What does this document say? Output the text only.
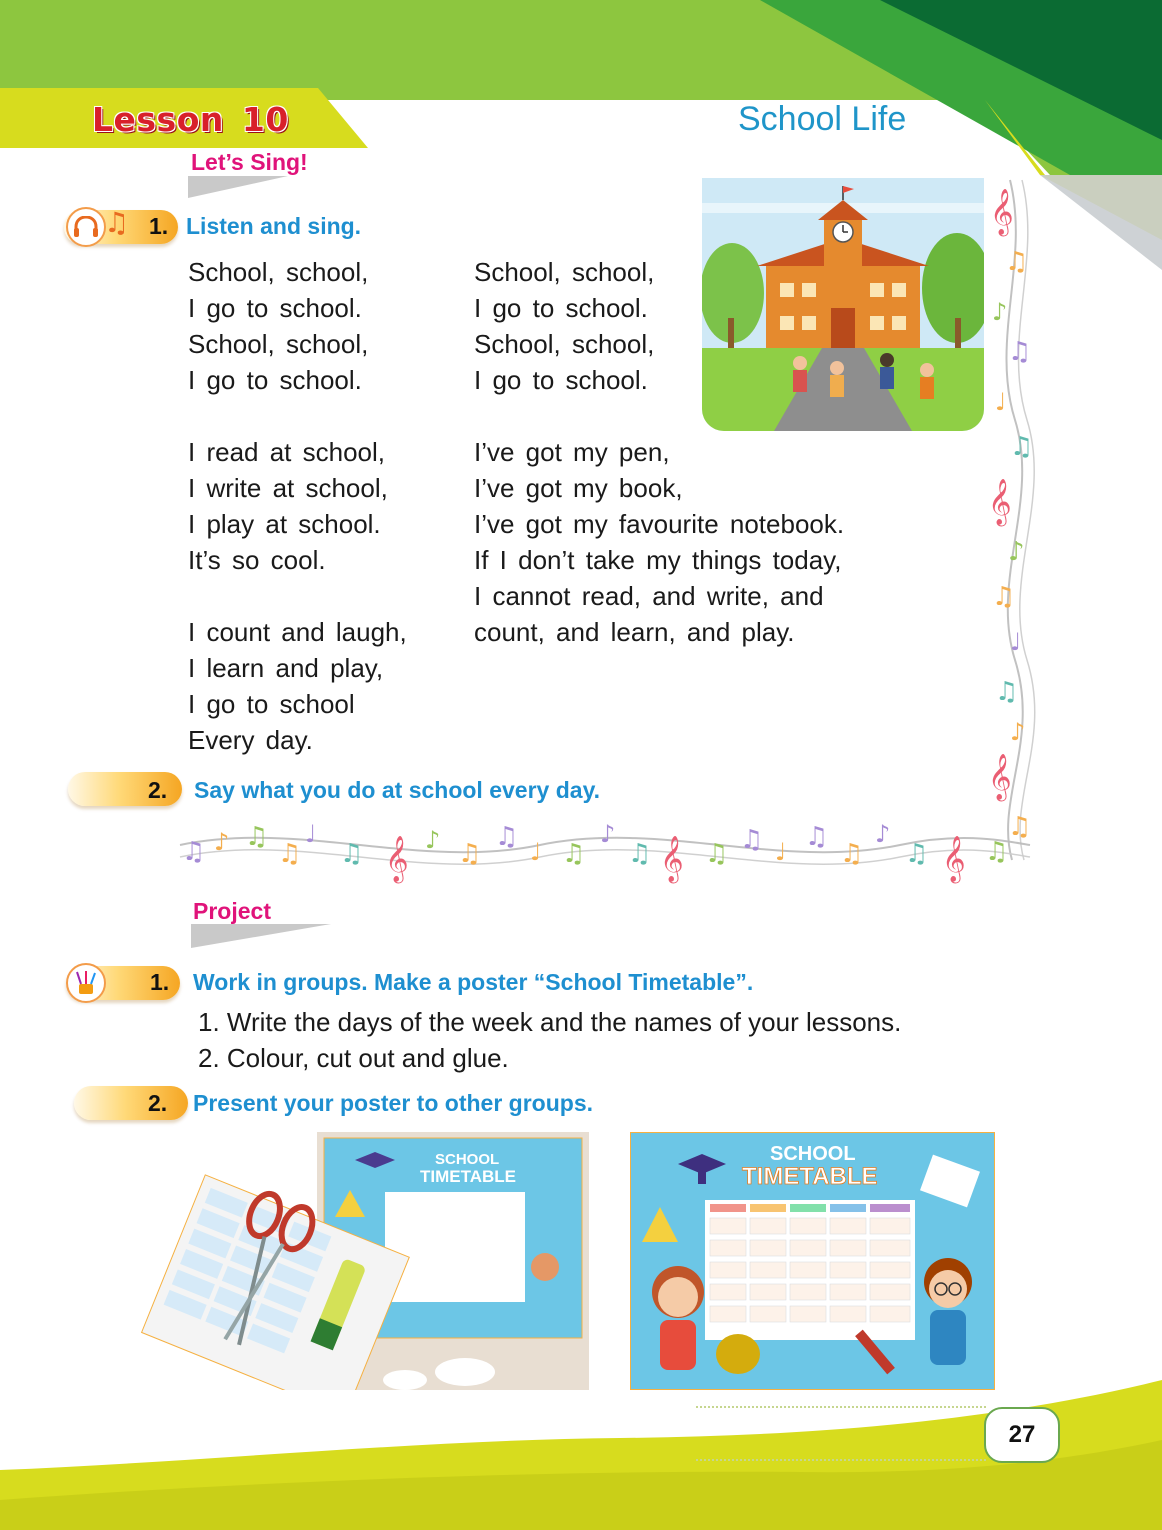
𝄞
♫
♪
♫
♩
♫
𝄞
♪
♫
♩
♫
♪
𝄞
♫
♫ ♪ ♫
♫
♩
♫ 𝄞 ♪ ♫
♫ ♩ ♫
♪
♫ 𝄞 ♫ ♫ ♩ ♫
♫
♪
♫ 𝄞 ♫
Lesson 10	School Life
Let’s Sing!
♫ 1. Listen and sing.
School, school,
I go to school.
School, school,
I go to school.
I read at school,
I write at school,
I play at school.
It’s so cool.
I count and laugh,
I learn and play,
I go to school
Every day.
School, school,
I go to school.
School, school,
I go to school.
I’ve got my pen,
I’ve got my book,
I’ve got my favourite notebook.
If I don’t take my things today,
I cannot read, and write, and
count, and learn, and play.
2. Say what you do at school every day.
Project
1. Work in groups. Make a poster “School Timetable”.
1. Write the days of the week and the names of your lessons.
2. Colour, cut out and glue.
2. Present your poster to other groups.
SCHOOL
TIMETABLE
SCHOOL
TIMETABLE
27
